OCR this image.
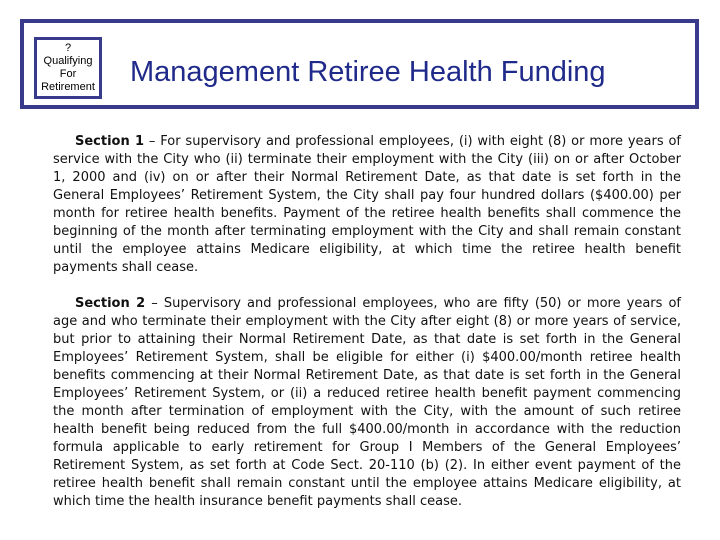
?
Qualifying
For
Retirement Management Retiree Health Funding

Section 1 – For supervisory and professional employees, (i) with eight (8) or more years of service with the City who (ii) terminate their employment with the City (iii) on or after October 1, 2000 and (iv) on or after their Normal Retirement Date, as that date is set forth in the General Employees’ Retirement System, the City shall pay four hundred dollars ($400.00) per month for retiree health benefits. Payment of the retiree health benefits shall commence the beginning of the month after terminating employment with the City and shall remain constant until the employee attains Medicare eligibility, at which time the retiree health benefit payments shall cease.

Section 2 – Supervisory and professional employees, who are fifty (50) or more years of age and who terminate their employment with the City after eight (8) or more years of service, but prior to attaining their Normal Retirement Date, as that date is set forth in the General Employees’ Retirement System, shall be eligible for either (i) $400.00/month retiree health benefits commencing at their Normal Retirement Date, as that date is set forth in the General Employees’ Retirement System, or (ii) a reduced retiree health benefit payment commencing the month after termination of employment with the City, with the amount of such retiree health benefit being reduced from the full $400.00/month in accordance with the reduction formula applicable to early retirement for Group I Members of the General Employees’ Retirement System, as set forth at Code Sect. 20-110 (b) (2). In either event payment of the retiree health benefit shall remain constant until the employee attains Medicare eligibility, at which time the health insurance benefit payments shall cease.
